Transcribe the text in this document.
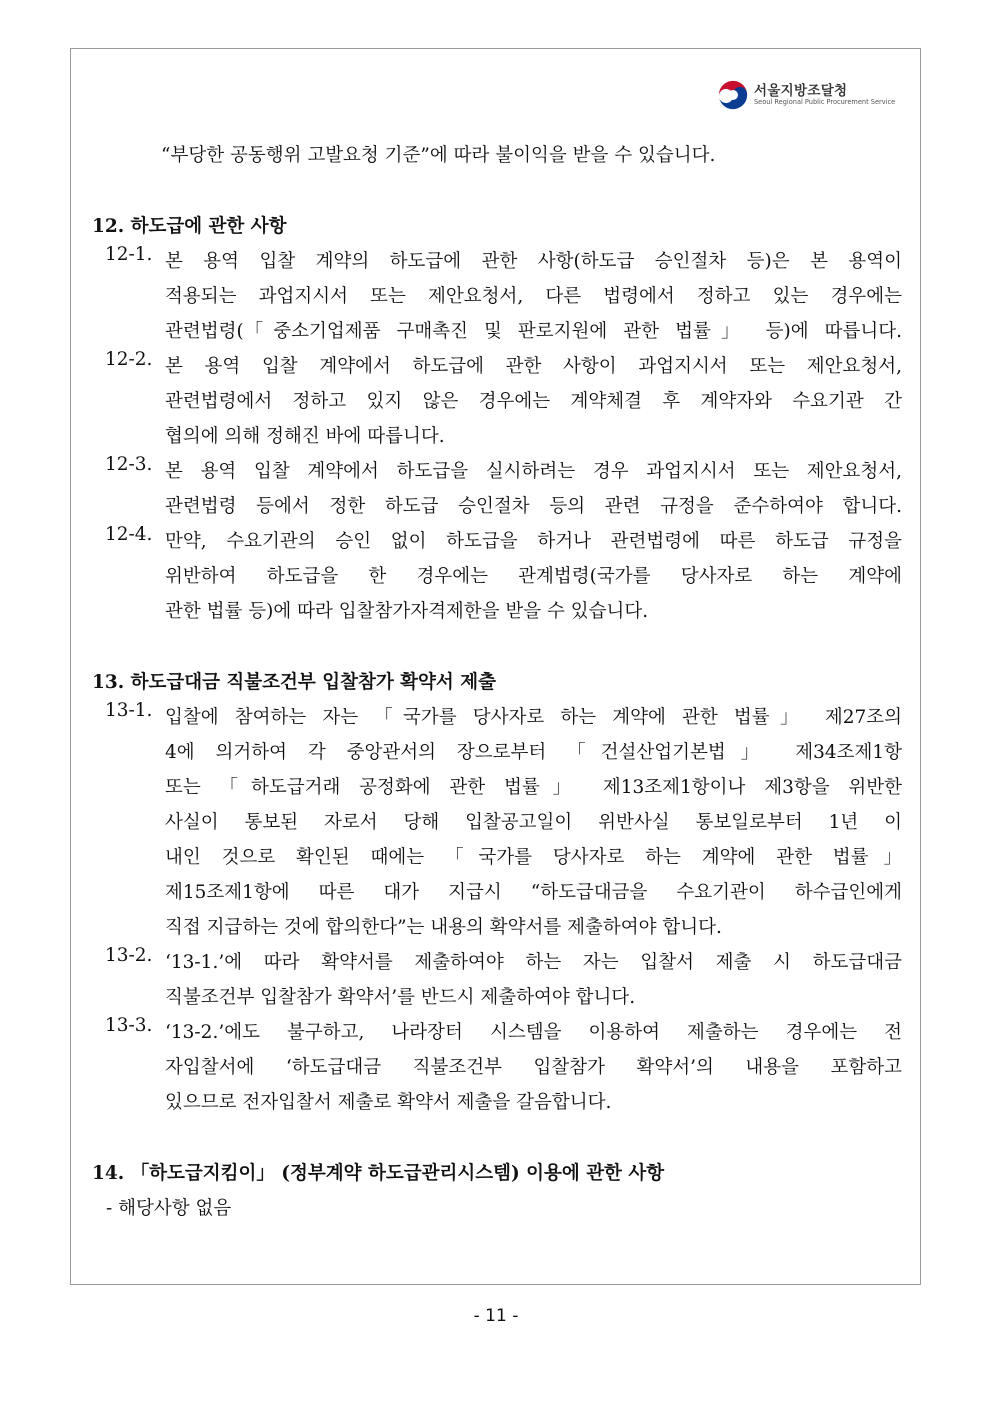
서울지방조달청
Seoul Regional Public Procurement Service
“부당한 공동행위 고발요청 기준”에 따라 불이익을 받을 수 있습니다.
12. 하도급에 관한 사항
12-1. 본 용역 입찰 계약의 하도급에 관한 사항(하도급 승인절차 등)은 본 용역이
적용되는 과업지시서 또는 제안요청서, 다른 법령에서 정하고 있는 경우에는
관련법령(「중소기업제품 구매촉진 및 판로지원에 관한 법률」 등)에 따릅니다.
12-2. 본 용역 입찰 계약에서 하도급에 관한 사항이 과업지시서 또는 제안요청서,
관련법령에서 정하고 있지 않은 경우에는 계약체결 후 계약자와 수요기관 간
협의에 의해 정해진 바에 따릅니다.
12-3. 본 용역 입찰 계약에서 하도급을 실시하려는 경우 과업지시서 또는 제안요청서,
관련법령 등에서 정한 하도급 승인절차 등의 관련 규정을 준수하여야 합니다.
12-4. 만약, 수요기관의 승인 없이 하도급을 하거나 관련법령에 따른 하도급 규정을
위반하여 하도급을 한 경우에는 관계법령(국가를 당사자로 하는 계약에
관한 법률 등)에 따라 입찰참가자격제한을 받을 수 있습니다.
13. 하도급대금 직불조건부 입찰참가 확약서 제출
13-1. 입찰에 참여하는 자는 「국가를 당사자로 하는 계약에 관한 법률」 제27조의
4에 의거하여 각 중앙관서의 장으로부터 「건설산업기본법」 제34조제1항
또는 「하도급거래 공정화에 관한 법률」 제13조제1항이나 제3항을 위반한
사실이 통보된 자로서 당해 입찰공고일이 위반사실 통보일로부터 1년 이
내인 것으로 확인된 때에는 「국가를 당사자로 하는 계약에 관한 법률」
제15조제1항에 따른 대가 지급시 “하도급대금을 수요기관이 하수급인에게
직접 지급하는 것에 합의한다”는 내용의 확약서를 제출하여야 합니다.
13-2. ‘13-1.’에 따라 확약서를 제출하여야 하는 자는 입찰서 제출 시 하도급대금
직불조건부 입찰참가 확약서’를 반드시 제출하여야 합니다.
13-3. ‘13-2.’에도 불구하고, 나라장터 시스템을 이용하여 제출하는 경우에는 전
자입찰서에 ‘하도급대금 직불조건부 입찰참가 확약서’의 내용을 포함하고
있으므로 전자입찰서 제출로 확약서 제출을 갈음합니다.
14. 「하도급지킴이」 (정부계약 하도급관리시스템) 이용에 관한 사항
- 해당사항 없음
- 11 -
